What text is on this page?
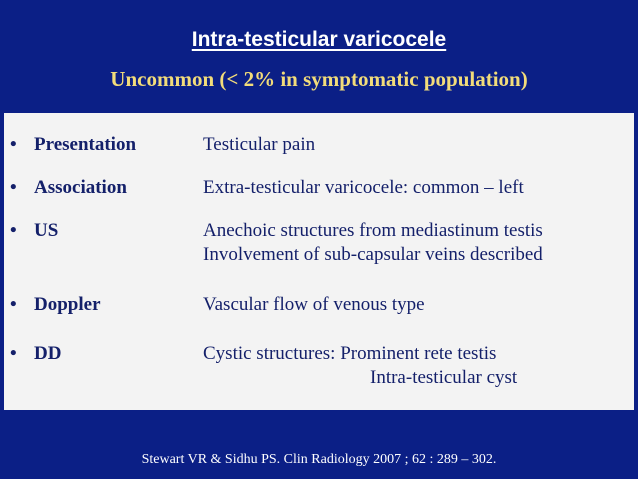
Intra-testicular varicocele
Uncommon (< 2% in symptomatic population)
• Presentation	Testicular pain
• Association	Extra-testicular varicocele: common – left
• US	Anechoic structures from mediastinum testis
Involvement of sub-capsular veins described
• Doppler	Vascular flow of venous type
• DD	Cystic structures: Prominent rete testis
Intra-testicular cyst
Stewart VR & Sidhu PS. Clin Radiology 2007 ; 62 : 289 – 302.
